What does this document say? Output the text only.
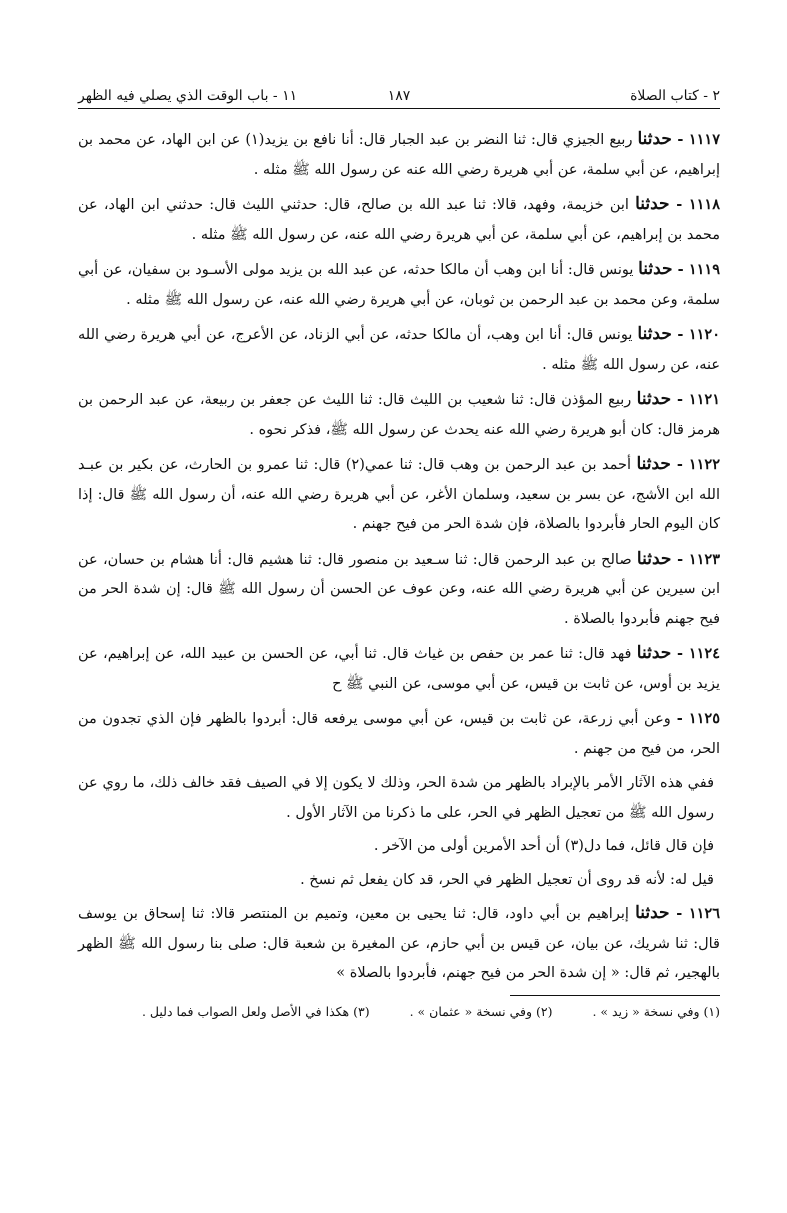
٢ - كتاب الصلاة
١٨٧
١١ - باب الوقت الذي يصلي فيه الظهر

١١١٧ - حدثنا ربيع الجيزي قال: ثنا النضر بن عبد الجبار قال: أنا نافع بن يزيد(١) عن ابن الهاد، عن محمد بن إبراهيم، عن أبي سلمة، عن أبي هريرة رضي الله عنه عن رسول الله ﷺ مثله .

١١١٨ - حدثنا ابن خزيمة، وفهد، قالا: ثنا عبد الله بن صالح، قال: حدثني الليث قال: حدثني ابن الهاد، عن محمد بن إبراهيم، عن أبي سلمة، عن أبي هريرة رضي الله عنه، عن رسول الله ﷺ مثله .

١١١٩ - حدثنا يونس قال: أنا ابن وهب أن مالكا حدثه، عن عبد الله بن يزيد مولى الأسـود بن سفيان، عن أبي سلمة، وعن محمد بن عبد الرحمن بن ثوبان، عن أبي هريرة رضي الله عنه، عن رسول الله ﷺ مثله .

١١٢٠ - حدثنا يونس قال: أنا ابن وهب، أن مالكا حدثه، عن أبي الزناد، عن الأعرج، عن أبي هريرة رضي الله عنه، عن رسول الله ﷺ مثله .

١١٢١ - حدثنا ربيع المؤذن قال: ثنا شعيب بن الليث قال: ثنا الليث عن جعفر بن ربيعة، عن عبد الرحمن بن هرمز قال: كان أبو هريرة رضي الله عنه يحدث عن رسول الله ﷺ، فذكر نحوه .

١١٢٢ - حدثنا أحمد بن عبد الرحمن بن وهب قال: ثنا عمي(٢) قال: ثنا عمرو بن الحارث، عن بكير بن عبـد الله ابن الأشج، عن بسر بن سعيد، وسلمان الأغر، عن أبي هريرة رضي الله عنه، أن رسول الله ﷺ قال: إذا كان اليوم الحار فأبردوا بالصلاة، فإن شدة الحر من فيح جهنم .

١١٢٣ - حدثنا صالح بن عبد الرحمن قال: ثنا سـعيد بن منصور قال: ثنا هشيم قال: أنا هشام بن حسان، عن ابن سيرين عن أبي هريرة رضي الله عنه، وعن عوف عن الحسن أن رسول الله ﷺ قال: إن شدة الحر من فيح جهنم فأبردوا بالصلاة .

١١٢٤ - حدثنا فهد قال: ثنا عمر بن حفص بن غياث قال. ثنا أبي، عن الحسن بن عبيد الله، عن إبراهيم، عن يزيد بن أوس، عن ثابت بن قيس، عن أبي موسى، عن النبي ﷺ ح

١١٢٥ - وعن أبي زرعة، عن ثابت بن قيس، عن أبي موسى يرفعه قال: أبردوا بالظهر فإن الذي تجدون من الحر، من فيح من جهنم .

ففي هذه الآثار الأمر بالإبراد بالظهر من شدة الحر، وذلك لا يكون إلا في الصيف فقد خالف ذلك، ما روي عن رسول الله ﷺ من تعجيل الظهر في الحر، على ما ذكرنا من الآثار الأول .

فإن قال قائل، فما دل(٣) أن أحد الأمرين أولى من الآخر .

قيل له: لأنه قد روى أن تعجيل الظهر في الحر، قد كان يفعل ثم نسخ .

١١٢٦ - حدثنا إبراهيم بن أبي داود، قال: ثنا يحيى بن معين، وتميم بن المنتصر قالا: ثنا إسحاق بن يوسف قال: ثنا شريك، عن بيان، عن قيس بن أبي حازم، عن المغيرة بن شعبة قال: صلى بنا رسول الله ﷺ الظهر بالهجير، ثم قال: « إن شدة الحر من فيح جهنم، فأبردوا بالصلاة »

(١) وفي نسخة « زيد » .
(٢) وفي نسخة « عثمان » .
(٣) هكذا في الأصل ولعل الصواب فما دليل .
